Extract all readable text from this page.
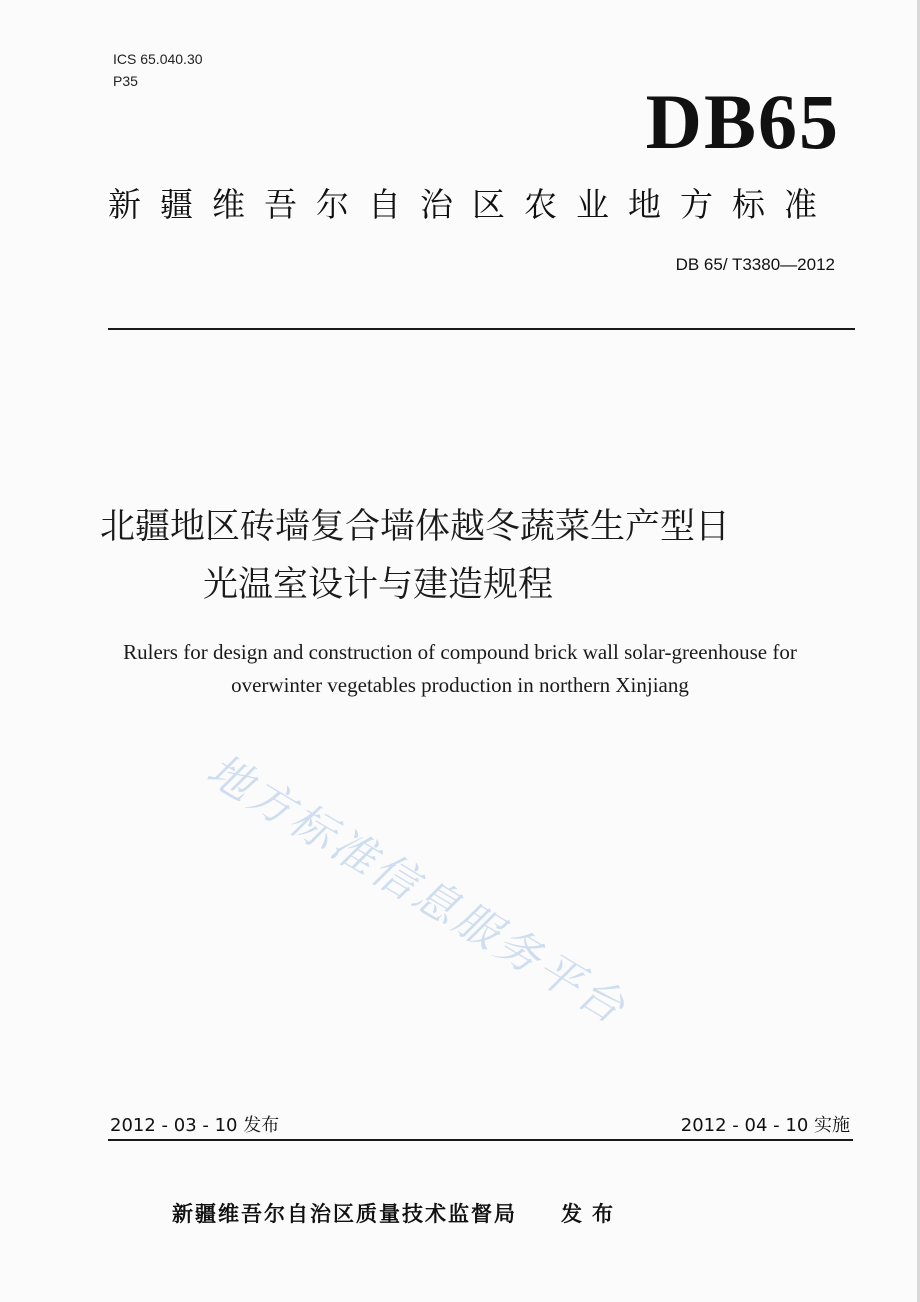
ICS 65.040.30
P35	DB65
新疆维吾尔自治区农业地方标准
DB 65/ T3380—2012
北疆地区砖墙复合墙体越冬蔬菜生产型日
光温室设计与建造规程
Rulers for design and construction of compound brick wall solar-greenhouse for
overwinter vegetables production in northern Xinjiang
地方标准信息服务平台
2012 - 03 - 10 发布	2012 - 04 - 10 实施
新疆维吾尔自治区质量技术监督局 发布
